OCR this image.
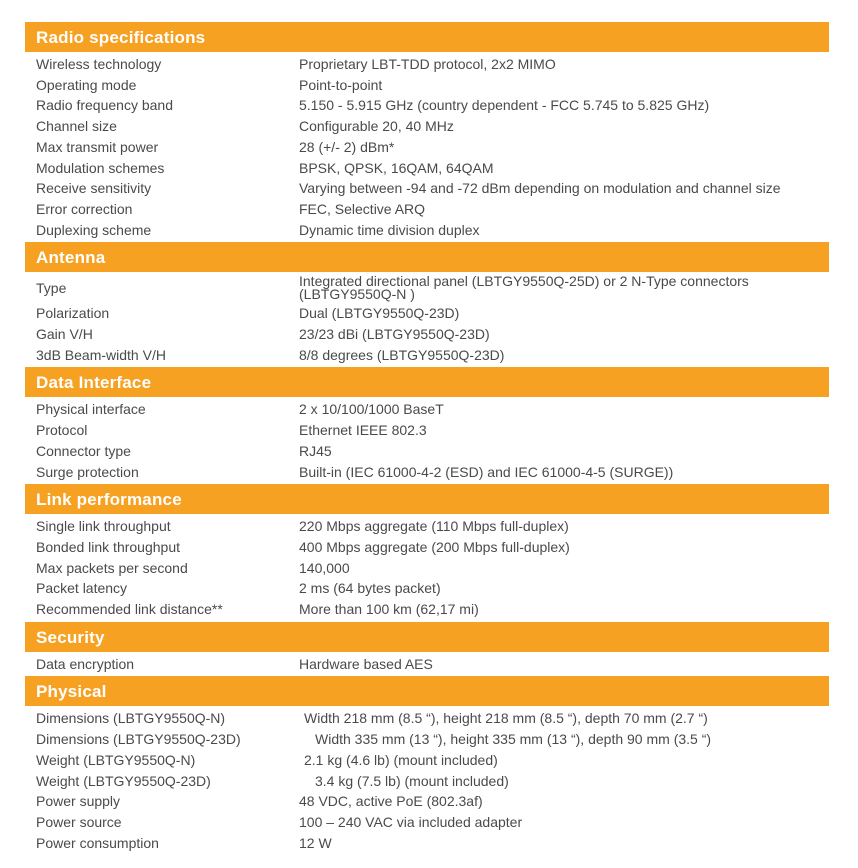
Radio specifications
Wireless technology	Proprietary LBT-TDD protocol, 2x2 MIMO
Operating mode	Point-to-point
Radio frequency band	5.150 - 5.915 GHz (country dependent - FCC 5.745 to 5.825 GHz)
Channel size	Configurable 20, 40 MHz
Max transmit power	28 (+/- 2) dBm*
Modulation schemes	BPSK, QPSK, 16QAM, 64QAM
Receive sensitivity	Varying between -94 and -72 dBm depending on modulation and channel size
Error correction	FEC, Selective ARQ
Duplexing scheme	Dynamic time division duplex
Antenna
Type	Integrated directional panel (LBTGY9550Q-25D) or 2 N-Type connectors (LBTGY9550Q-N )
Polarization	Dual (LBTGY9550Q-23D)
Gain V/H	23/23 dBi (LBTGY9550Q-23D)
3dB Beam-width V/H	8/8 degrees (LBTGY9550Q-23D)
Data Interface
Physical interface	2 x 10/100/1000 BaseT
Protocol	Ethernet IEEE 802.3
Connector type	RJ45
Surge protection	Built-in (IEC 61000-4-2 (ESD) and IEC 61000-4-5 (SURGE))
Link performance
Single link throughput	220 Mbps aggregate (110 Mbps full-duplex)
Bonded link throughput	400 Mbps aggregate (200 Mbps full-duplex)
Max packets per second	140,000
Packet latency	2 ms (64 bytes packet)
Recommended link distance**	More than 100 km (62,17 mi)
Security
Data encryption	Hardware based AES
Physical
Dimensions (LBTGY9550Q-N)	Width 218 mm (8.5 “), height 218 mm (8.5 “), depth 70 mm (2.7 “)
Dimensions (LBTGY9550Q-23D)	Width 335 mm (13 “), height 335 mm (13 “), depth 90 mm (3.5 “)
Weight (LBTGY9550Q-N)	2.1 kg (4.6 lb) (mount included)
Weight (LBTGY9550Q-23D)	3.4 kg (7.5 lb) (mount included)
Power supply	48 VDC, active PoE (802.3af)
Power source	100 – 240 VAC via included adapter
Power consumption	12 W
